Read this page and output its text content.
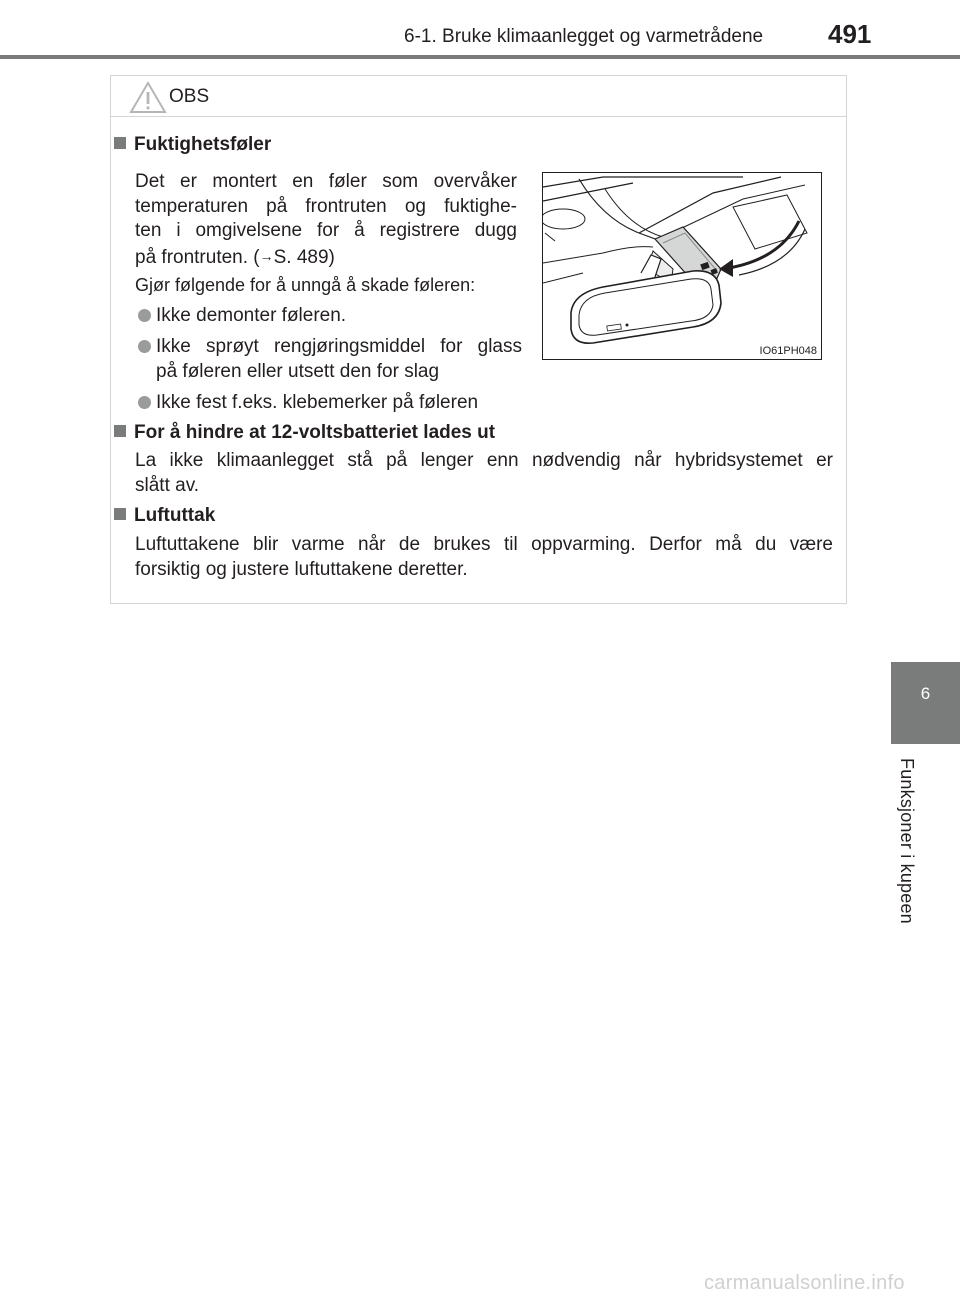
6-1. Bruke klimaanlegget og varmetrådene	491
6
Funksjoner i kupeen
OBS
Fuktighetsføler
Det er montert en føler som overvåker
temperaturen på frontruten og fuktighe-
ten i omgivelsene for å registrere dugg
på frontruten. (→S. 489)
Gjør følgende for å unngå å skade føleren:
Ikke demonter føleren.
Ikke sprøyt rengjøringsmiddel for glass
på føleren eller utsett den for slag
Ikke fest f.eks. klebemerker på føleren
IO61PH048
For å hindre at 12-voltsbatteriet lades ut
La ikke klimaanlegget stå på lenger enn nødvendig når hybridsystemet er
slått av.
Luftuttak
Luftuttakene blir varme når de brukes til oppvarming. Derfor må du være
forsiktig og justere luftuttakene deretter.
carmanualsonline.info
